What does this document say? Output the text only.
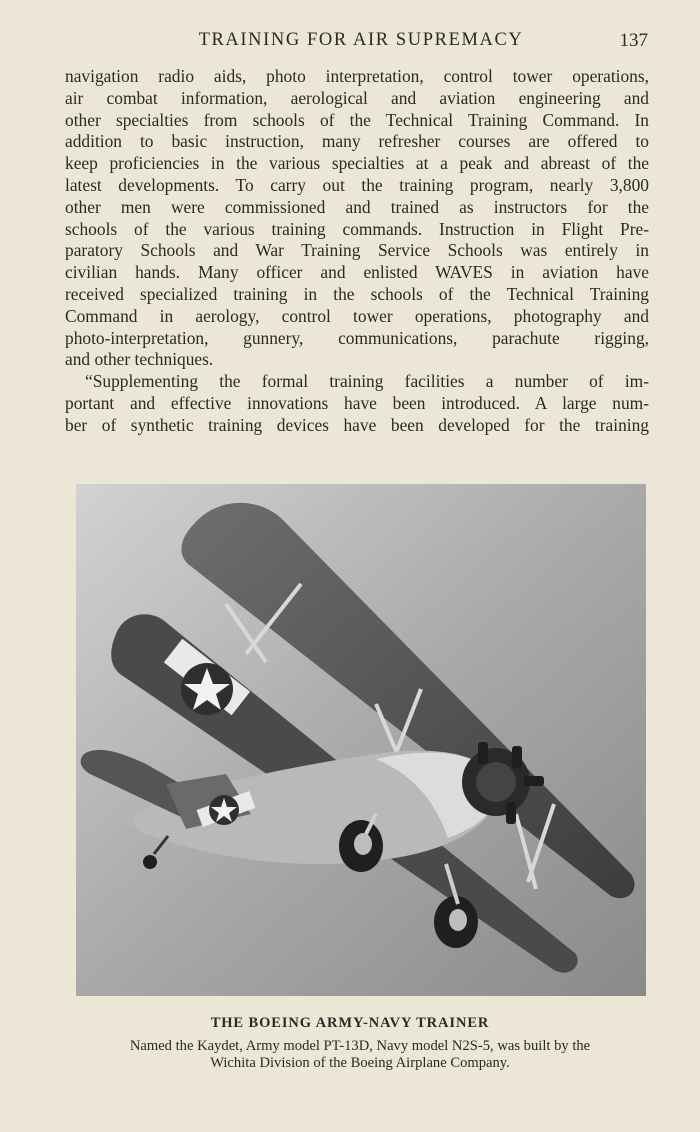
TRAINING FOR AIR SUPREMACY	137
navigation radio aids, photo interpretation, control tower operations,
air combat information, aerological and aviation engineering and
other specialties from schools of the Technical Training Command. In
addition to basic instruction, many refresher courses are offered to
keep proficiencies in the various specialties at a peak and abreast of the
latest developments. To carry out the training program, nearly 3,800
other men were commissioned and trained as instructors for the
schools of the various training commands. Instruction in Flight Pre-
paratory Schools and War Training Service Schools was entirely in
civilian hands. Many officer and enlisted WAVES in aviation have
received specialized training in the schools of the Technical Training
Command in aerology, control tower operations, photography and
photo-interpretation, gunnery, communications, parachute rigging,
and other techniques.
“Supplementing the formal training facilities a number of im-
portant and effective innovations have been introduced. A large num-
ber of synthetic training devices have been developed for the training
THE BOEING ARMY-NAVY TRAINER
Named the Kaydet, Army model PT-13D, Navy model N2S-5, was built by the
Wichita Division of the Boeing Airplane Company.
